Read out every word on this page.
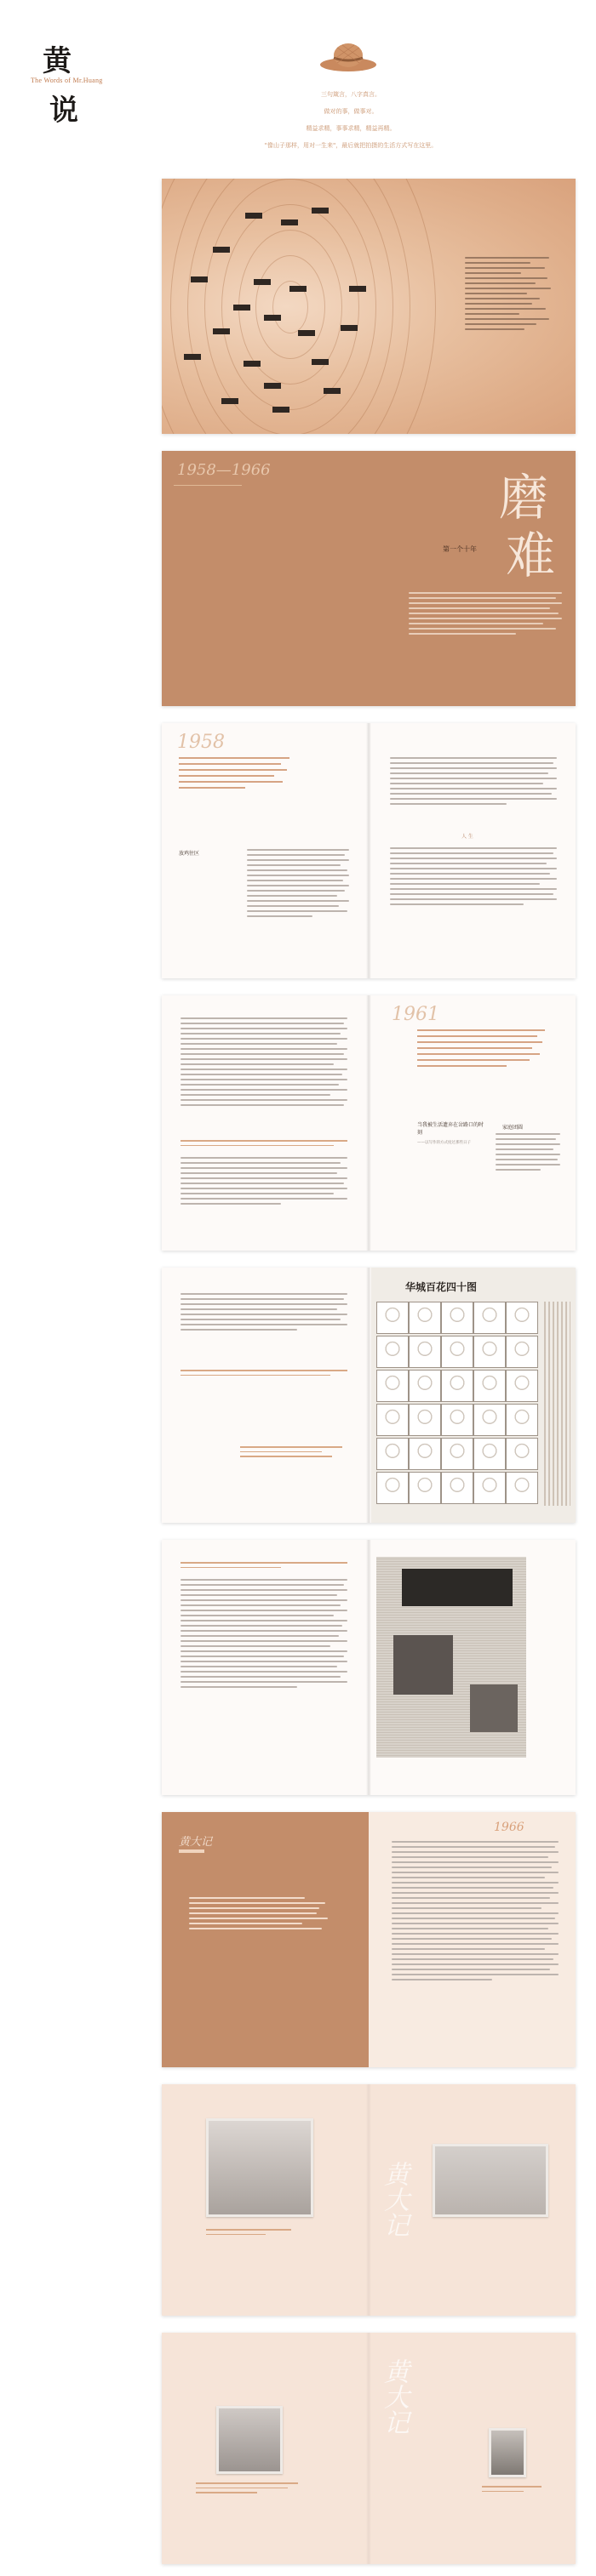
黄
The Words of Mr.Huang
说	三句箴言，八字真言。
做对的事，做事对。
精益求精，事事求精，精益再精。
"像山子那样，用对一生来"，最后就把拍摄的生活方式写在这里。
1958—1966	磨
难
第一个十年
1958
放鸡往区
人 生
1961
当我被生活遗弃在岔路口的时刻
——以写作的方式度过那些日子
家庭团圆
华城百花四十图
黄大记
1966
黄大记
黄大记
